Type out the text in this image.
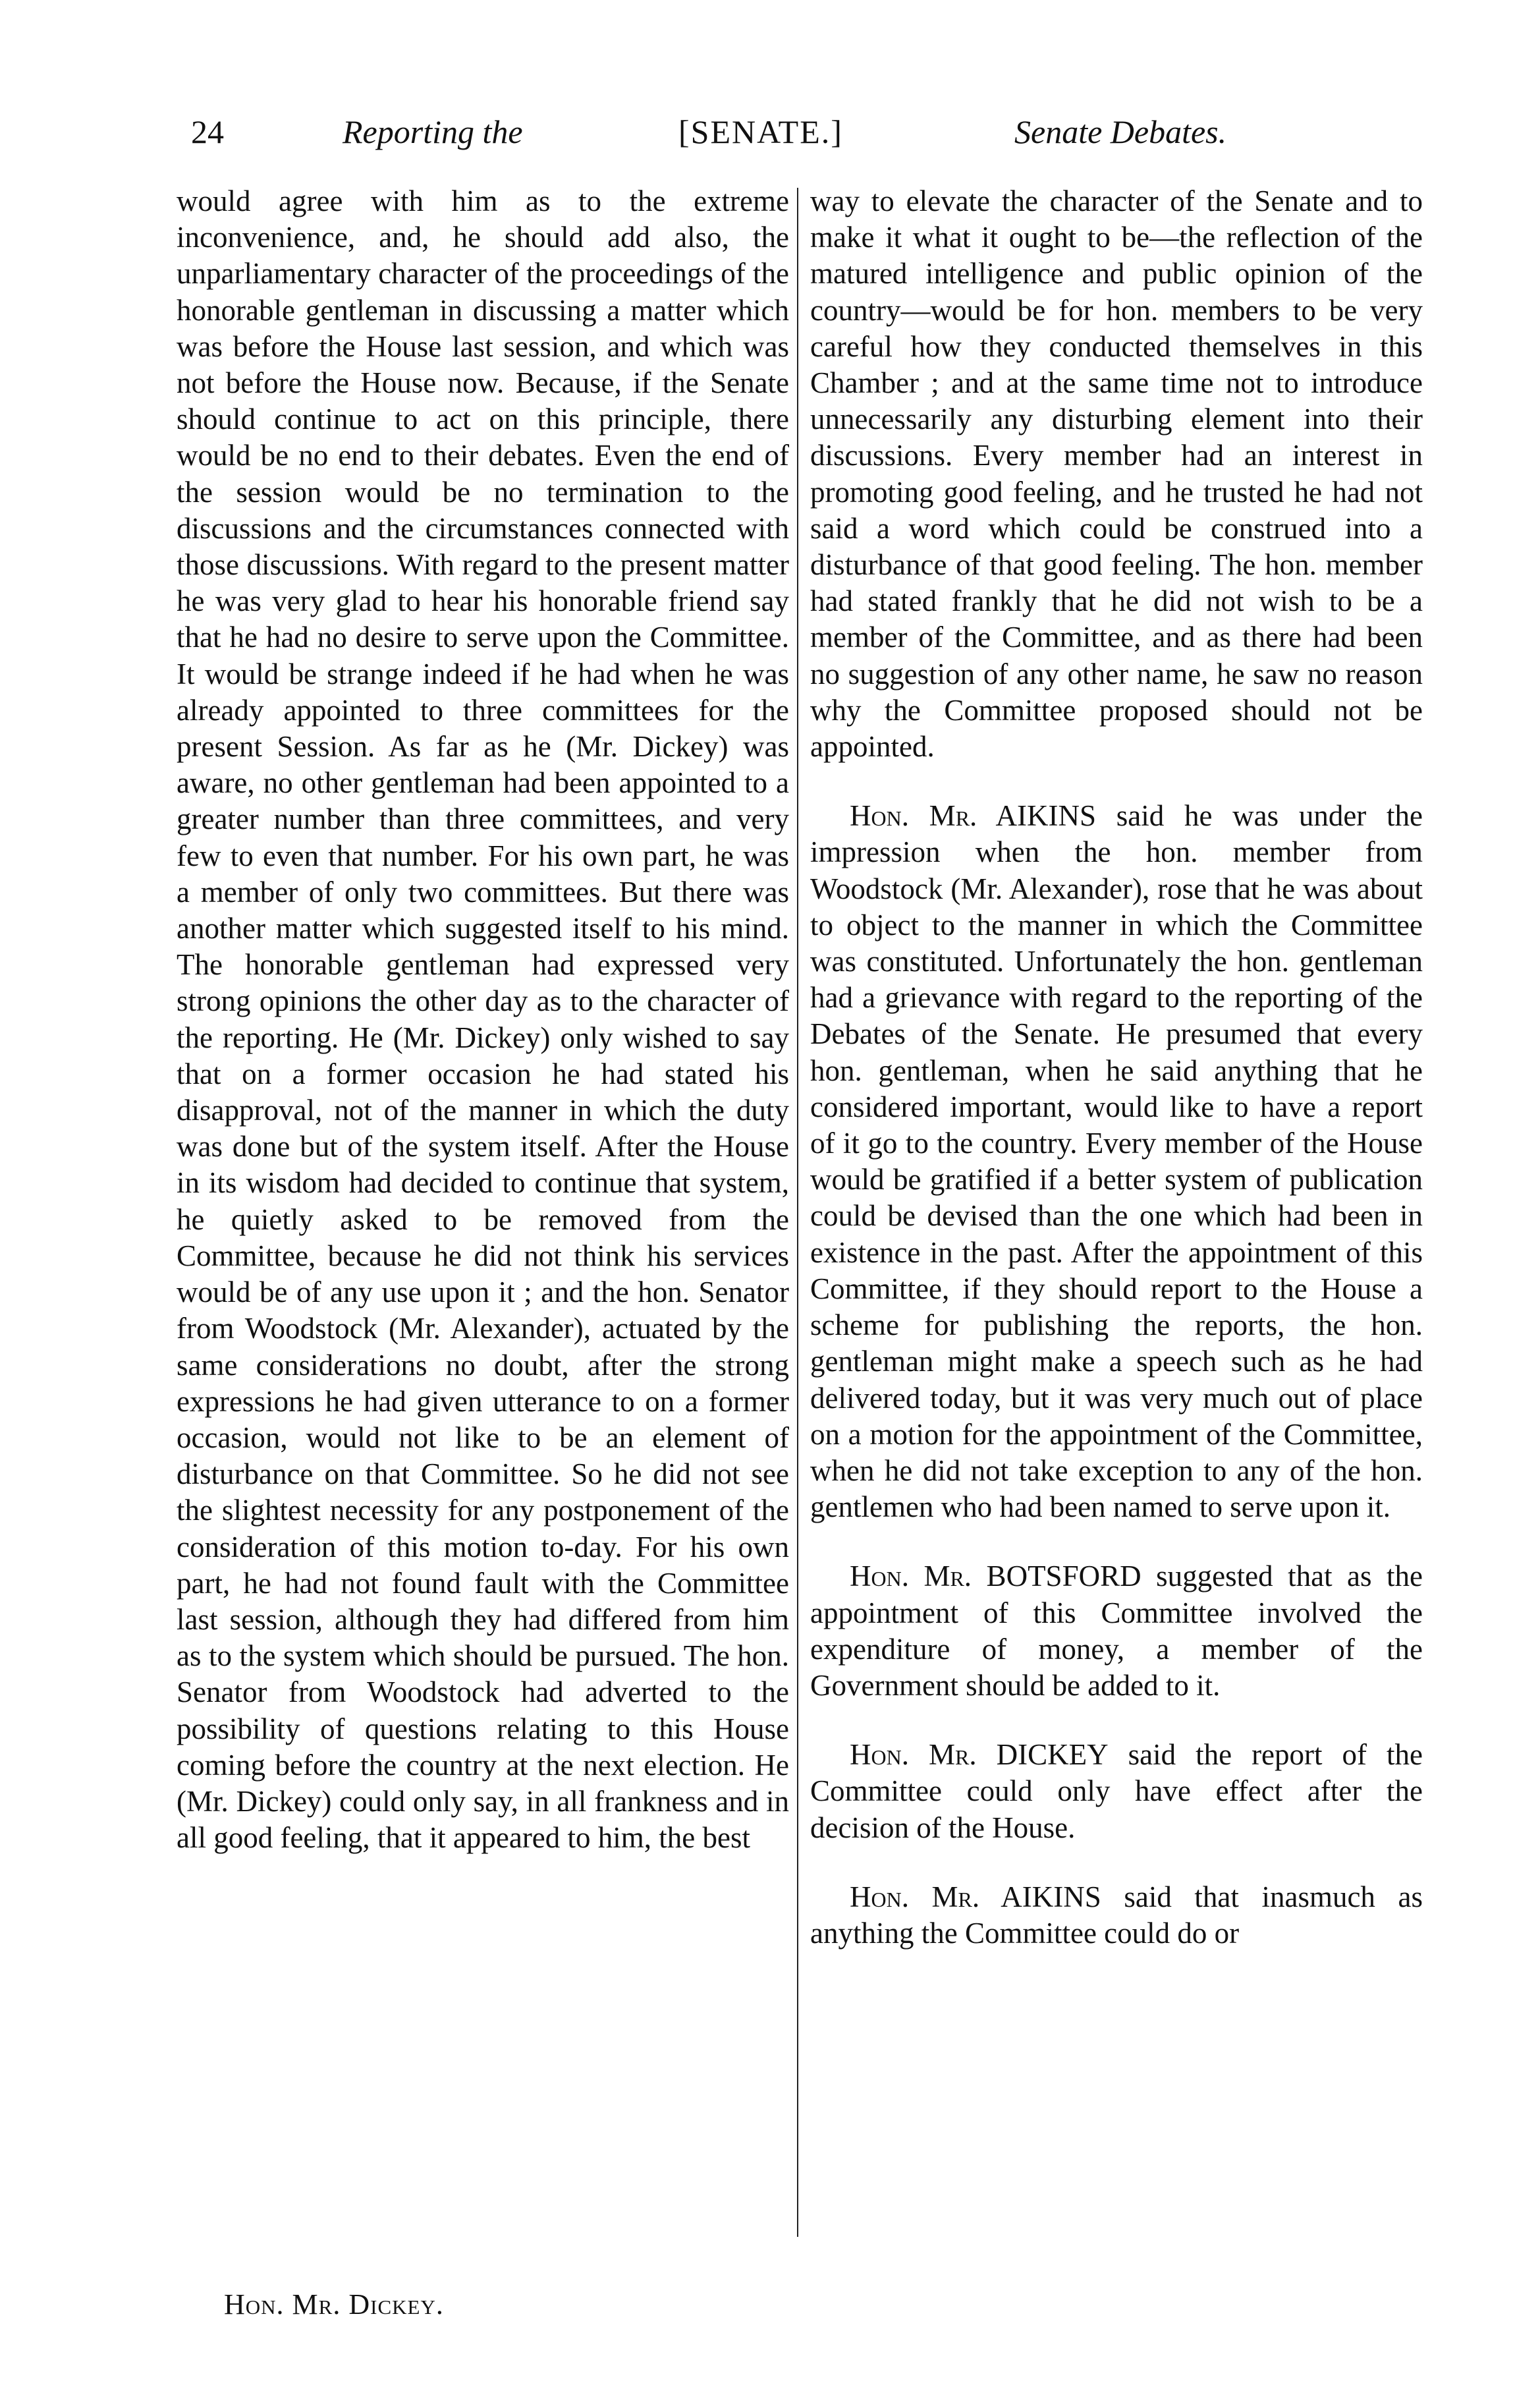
24	Reporting the	[SENATE.]	Senate Debates.

would agree with him as to the extreme inconvenience, and, he should add also, the unparliamentary character of the proceedings of the honorable gentleman in discussing a matter which was before the House last session, and which was not before the House now. Because, if the Senate should continue to act on this principle, there would be no end to their debates. Even the end of the session would be no termination to the discussions and the circumstances connected with those discussions. With regard to the present matter he was very glad to hear his honorable friend say that he had no desire to serve upon the Committee. It would be strange indeed if he had when he was already appointed to three committees for the present Session. As far as he (Mr. Dickey) was aware, no other gentleman had been appointed to a greater number than three committees, and very few to even that number. For his own part, he was a member of only two committees. But there was another matter which suggested itself to his mind. The honorable gentleman had expressed very strong opinions the other day as to the character of the reporting. He (Mr. Dickey) only wished to say that on a former occasion he had stated his disapproval, not of the manner in which the duty was done but of the system itself. After the House in its wisdom had decided to continue that system, he quietly asked to be removed from the Committee, because he did not think his services would be of any use upon it ; and the hon. Senator from Woodstock (Mr. Alexander), actuated by the same considerations no doubt, after the strong expressions he had given utterance to on a former occasion, would not like to be an element of disturbance on that Committee. So he did not see the slightest necessity for any postponement of the consideration of this motion to-day. For his own part, he had not found fault with the Committee last session, although they had differed from him as to the system which should be pursued. The hon. Senator from Woodstock had adverted to the possibility of questions relating to this House coming before the country at the next election. He (Mr. Dickey) could only say, in all frankness and in all good feeling, that it appeared to him, the best

way to elevate the character of the Senate and to make it what it ought to be—the reflection of the matured intelligence and public opinion of the country—would be for hon. members to be very careful how they conducted themselves in this Chamber ; and at the same time not to introduce unnecessarily any disturbing element into their discussions. Every member had an interest in promoting good feeling, and he trusted he had not said a word which could be construed into a disturbance of that good feeling. The hon. member had stated frankly that he did not wish to be a member of the Committee, and as there had been no suggestion of any other name, he saw no reason why the Committee proposed should not be appointed.

Hon. Mr. AIKINS said he was under the impression when the hon. member from Woodstock (Mr. Alexander), rose that he was about to object to the manner in which the Committee was constituted. Unfortunately the hon. gentleman had a grievance with regard to the reporting of the Debates of the Senate. He presumed that every hon. gentleman, when he said anything that he considered important, would like to have a report of it go to the country. Every member of the House would be gratified if a better system of publication could be devised than the one which had been in existence in the past. After the appointment of this Committee, if they should report to the House a scheme for publishing the reports, the hon. gentleman might make a speech such as he had delivered today, but it was very much out of place on a motion for the appointment of the Committee, when he did not take exception to any of the hon. gentlemen who had been named to serve upon it.

Hon. Mr. BOTSFORD suggested that as the appointment of this Committee involved the expenditure of money, a member of the Government should be added to it.

Hon. Mr. DICKEY said the report of the Committee could only have effect after the decision of the House.

Hon. Mr. AIKINS said that inasmuch as anything the Committee could do or

Hon. Mr. Dickey.
